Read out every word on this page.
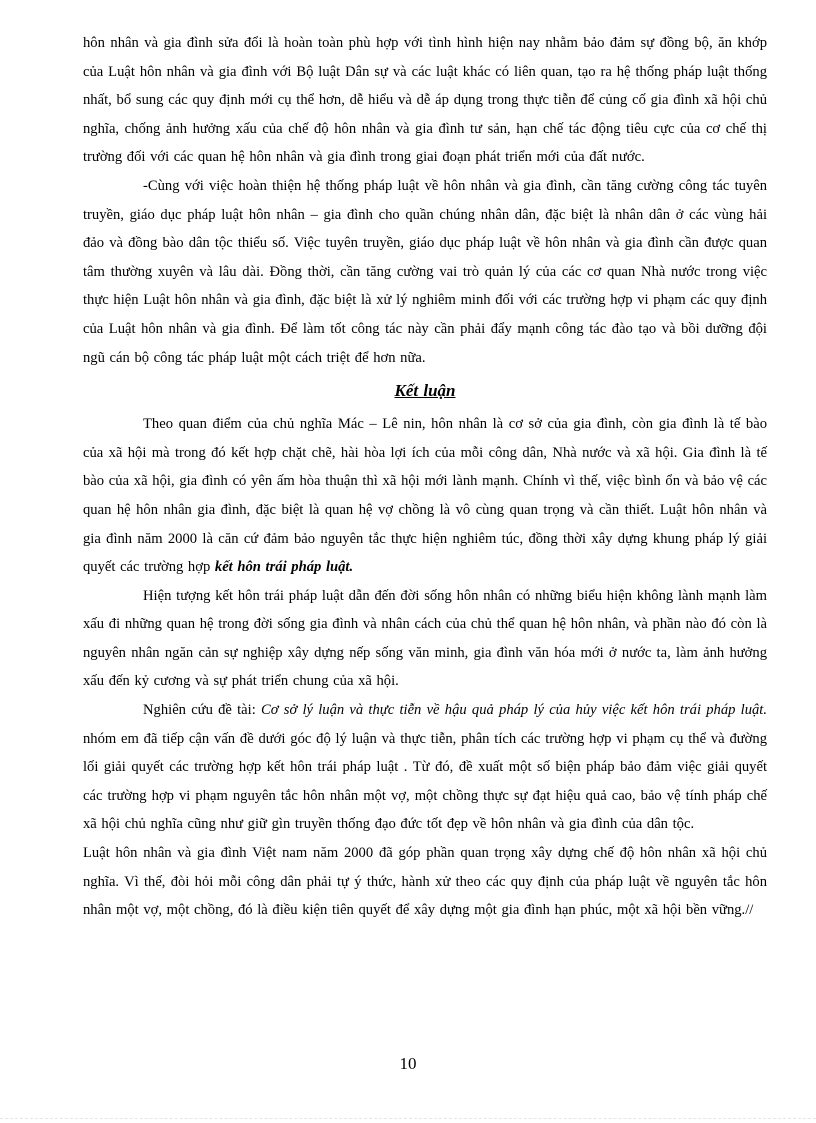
hôn nhân và gia đình sửa đổi là hoàn toàn phù hợp với tình hình hiện nay nhằm bảo đảm sự đồng bộ, ăn khớp của Luật hôn nhân và gia đình với Bộ luật Dân sự và các luật khác có liên quan, tạo ra hệ thống pháp luật thống nhất, bổ sung các quy định mới cụ thể hơn, dễ hiểu và dễ áp dụng trong thực tiễn để củng cố gia đình xã hội chủ nghĩa, chống ảnh hưởng xấu của chế độ hôn nhân và gia đình tư sản, hạn chế tác động tiêu cực của cơ chế thị trường đối với các quan hệ hôn nhân và gia đình trong giai đoạn phát triển mới của đất nước.

-Cùng với việc hoàn thiện hệ thống pháp luật về hôn nhân và gia đình, cần tăng cường công tác tuyên truyền, giáo dục pháp luật hôn nhân – gia đình cho quần chúng nhân dân, đặc biệt là nhân dân ở các vùng hải đảo và đồng bào dân tộc thiểu số. Việc tuyên truyền, giáo dục pháp luật về hôn nhân và gia đình cần được quan tâm thường xuyên và lâu dài. Đồng thời, cần tăng cường vai trò quản lý của các cơ quan Nhà nước trong việc thực hiện Luật hôn nhân và gia đình, đặc biệt là xử lý nghiêm minh đối với các trường hợp vi phạm các quy định của Luật hôn nhân và gia đình. Để làm tốt công tác này cần phải đẩy mạnh công tác đào tạo và bồi dưỡng đội ngũ cán bộ công tác pháp luật một cách triệt để hơn nữa.

Kết luận

Theo quan điểm của chủ nghĩa Mác – Lê nin, hôn nhân là cơ sở của gia đình, còn gia đình là tế bào của xã hội mà trong đó kết hợp chặt chẽ, hài hòa lợi ích của mỗi công dân, Nhà nước và xã hội. Gia đình là tế bào của xã hội, gia đình có yên ấm hòa thuận thì xã hội mới lành mạnh. Chính vì thế, việc bình ổn và bảo vệ các quan hệ hôn nhân gia đình, đặc biệt là quan hệ vợ chồng là vô cùng quan trọng và cần thiết. Luật hôn nhân và gia đình năm 2000 là căn cứ đảm bảo nguyên tắc thực hiện nghiêm túc, đồng thời xây dựng khung pháp lý giải quyết các trường hợp kết hôn trái pháp luật.

Hiện tượng kết hôn trái pháp luật dẫn đến đời sống hôn nhân có những biểu hiện không lành mạnh làm xấu đi những quan hệ trong đời sống gia đình và nhân cách của chủ thể quan hệ hôn nhân, và phần nào đó còn là nguyên nhân ngăn cản sự nghiệp xây dựng nếp sống văn minh, gia đình văn hóa mới ở nước ta, làm ảnh hưởng xấu đến kỷ cương và sự phát triển chung của xã hội.

Nghiên cứu đề tài: Cơ sở lý luận và thực tiễn về hậu quả pháp lý của hủy việc kết hôn trái pháp luật. nhóm em đã tiếp cận vấn đề dưới góc độ lý luận và thực tiễn, phân tích các trường hợp vi phạm cụ thể và đường lối giải quyết các trường hợp kết hôn trái pháp luật . Từ đó, đề xuất một số biện pháp bảo đảm việc giải quyết các trường hợp vi phạm nguyên tắc hôn nhân một vợ, một chồng thực sự đạt hiệu quả cao, bảo vệ tính pháp chế xã hội chủ nghĩa cũng như giữ gìn truyền thống đạo đức tốt đẹp về hôn nhân và gia đình của dân tộc.

Luật hôn nhân và gia đình Việt nam năm 2000 đã góp phần quan trọng xây dựng chế độ hôn nhân xã hội chủ nghĩa. Vì thế, đòi hỏi mỗi công dân phải tự ý thức, hành xử theo các quy định của pháp luật về nguyên tắc hôn nhân một vợ, một chồng, đó là điều kiện tiên quyết để xây dựng một gia đình hạn phúc, một xã hội bền vững.//

10
